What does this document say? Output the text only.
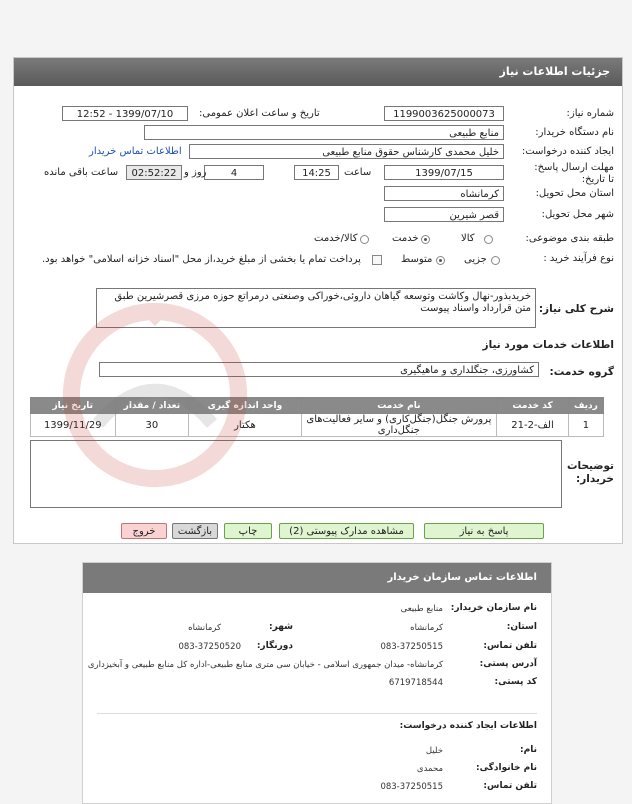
جزئیات اطلاعات نیاز
شماره نیاز:
1199003625000073
تاریخ و ساعت اعلان عمومی:
1399/07/10 - 12:52
نام دستگاه خریدار:
منابع طبیعی
ایجاد کننده درخواست:
خلیل محمدی کارشناس حقوق منابع طبیعی
اطلاعات تماس خریدار
مهلت ارسال پاسخ: تا تاریخ:
1399/07/15
ساعت
14:25
4
روز و
02:52:22
ساعت باقی مانده
استان محل تحویل:
کرمانشاه
شهر محل تحویل:
قصر شیرین
طبقه بندی موضوعی:
کالا
خدمت
کالا/خدمت
نوع فرآیند خرید :
جزیی
متوسط
پرداخت تمام یا بخشی از مبلغ خرید،از محل "اسناد خزانه اسلامی" خواهد بود.
شرح کلی نیاز:
خریدبذور-نهال وکاشت وتوسعه گیاهان داروئی،خوراکی وصنعتی درمراتع حوزه مرزی قصرشیرین طبق متن قرارداد واسناد پیوست
اطلاعات خدمات مورد نیاز
گروه خدمت:
کشاورزی، جنگلداری و ماهیگیری
ردیف	کد خدمت	نام خدمت	واحد اندازه گیری	تعداد / مقدار	تاریخ نیاز
1	الف-2-21	پرورش جنگل(جنگل‌کاری) و سایر فعالیت‌های جنگل‌داری	هکتار	30	1399/11/29
توضیحات خریدار:
پاسخ به نیاز
مشاهده مدارک پیوستی (2)
چاپ
بازگشت
خروج
اطلاعات تماس سازمان خریدار
نام سازمان خریدار:
منابع طبیعی
استان:
کرمانشاه
شهر:
کرمانشاه
تلفن تماس:
083-37250515
دورنگار:
083-37250520
آدرس پستی:
کرمانشاه- میدان جمهوری اسلامی - خیابان سی متری منابع طبیعی-اداره کل منابع طبیعی و آبخیزداری
کد پستی:
6719718544
اطلاعات ایجاد کننده درخواست:
نام:
خلیل
نام خانوادگی:
محمدی
تلفن تماس:
083-37250515
